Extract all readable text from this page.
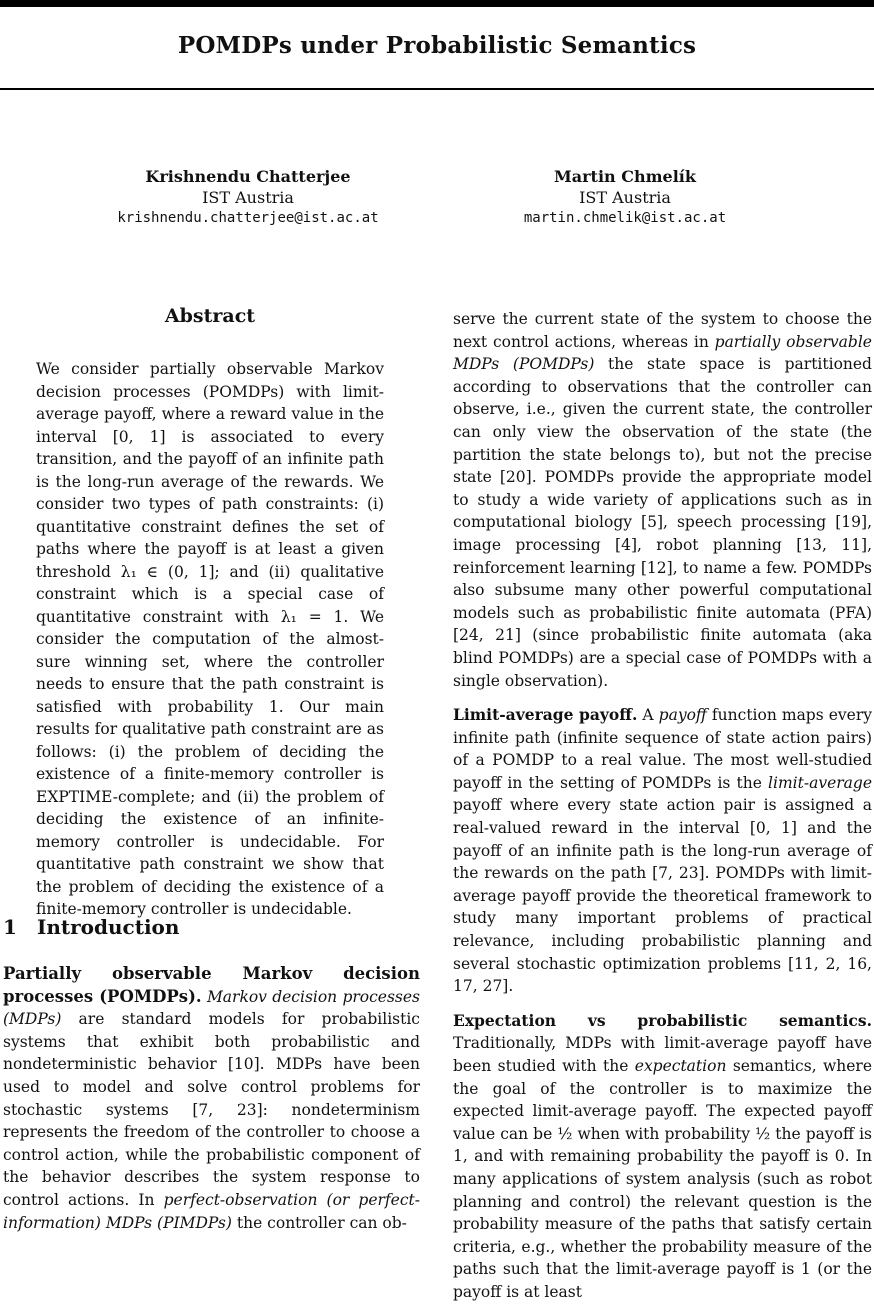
POMDPs under Probabilistic Semantics
Krishnendu Chatterjee
IST Austria
krishnendu.chatterjee@ist.ac.at
Martin Chmelík
IST Austria
martin.chmelik@ist.ac.at
Abstract
We consider partially observable Markov decision processes (POMDPs) with limit-average payoff, where a reward value in the interval [0, 1] is associated to every transition, and the payoff of an infinite path is the long-run average of the rewards. We consider two types of path constraints: (i) quantitative constraint defines the set of paths where the payoff is at least a given threshold λ₁ ∈ (0, 1]; and (ii) qualitative constraint which is a special case of quantitative constraint with λ₁ = 1. We consider the computation of the almost-sure winning set, where the controller needs to ensure that the path constraint is satisfied with probability 1. Our main results for qualitative path constraint are as follows: (i) the problem of deciding the existence of a finite-memory controller is EXPTIME-complete; and (ii) the problem of deciding the existence of an infinite-memory controller is undecidable. For quantitative path constraint we show that the problem of deciding the existence of a finite-memory controller is undecidable.
1 Introduction

Partially observable Markov decision processes (POMDPs). Markov decision processes (MDPs) are standard models for probabilistic systems that exhibit both probabilistic and nondeterministic behavior [10]. MDPs have been used to model and solve control problems for stochastic systems [7, 23]: nondeterminism represents the freedom of the controller to choose a control action, while the probabilistic component of the behavior describes the system response to control actions. In perfect-observation (or perfect-information) MDPs (PIMDPs) the controller can ob-

serve the current state of the system to choose the next control actions, whereas in partially observable MDPs (POMDPs) the state space is partitioned according to observations that the controller can observe, i.e., given the current state, the controller can only view the observation of the state (the partition the state belongs to), but not the precise state [20]. POMDPs provide the appropriate model to study a wide variety of applications such as in computational biology [5], speech processing [19], image processing [4], robot planning [13, 11], reinforcement learning [12], to name a few. POMDPs also subsume many other powerful computational models such as probabilistic finite automata (PFA) [24, 21] (since probabilistic finite automata (aka blind POMDPs) are a special case of POMDPs with a single observation).

Limit-average payoff. A payoff function maps every infinite path (infinite sequence of state action pairs) of a POMDP to a real value. The most well-studied payoff in the setting of POMDPs is the limit-average payoff where every state action pair is assigned a real-valued reward in the interval [0, 1] and the payoff of an infinite path is the long-run average of the rewards on the path [7, 23]. POMDPs with limit-average payoff provide the theoretical framework to study many important problems of practical relevance, including probabilistic planning and several stochastic optimization problems [11, 2, 16, 17, 27].

Expectation vs probabilistic semantics. Traditionally, MDPs with limit-average payoff have been studied with the expectation semantics, where the goal of the controller is to maximize the expected limit-average payoff. The expected payoff value can be ½ when with probability ½ the payoff is 1, and with remaining probability the payoff is 0. In many applications of system analysis (such as robot planning and control) the relevant question is the probability measure of the paths that satisfy certain criteria, e.g., whether the probability measure of the paths such that the limit-average payoff is 1 (or the payoff is at least
